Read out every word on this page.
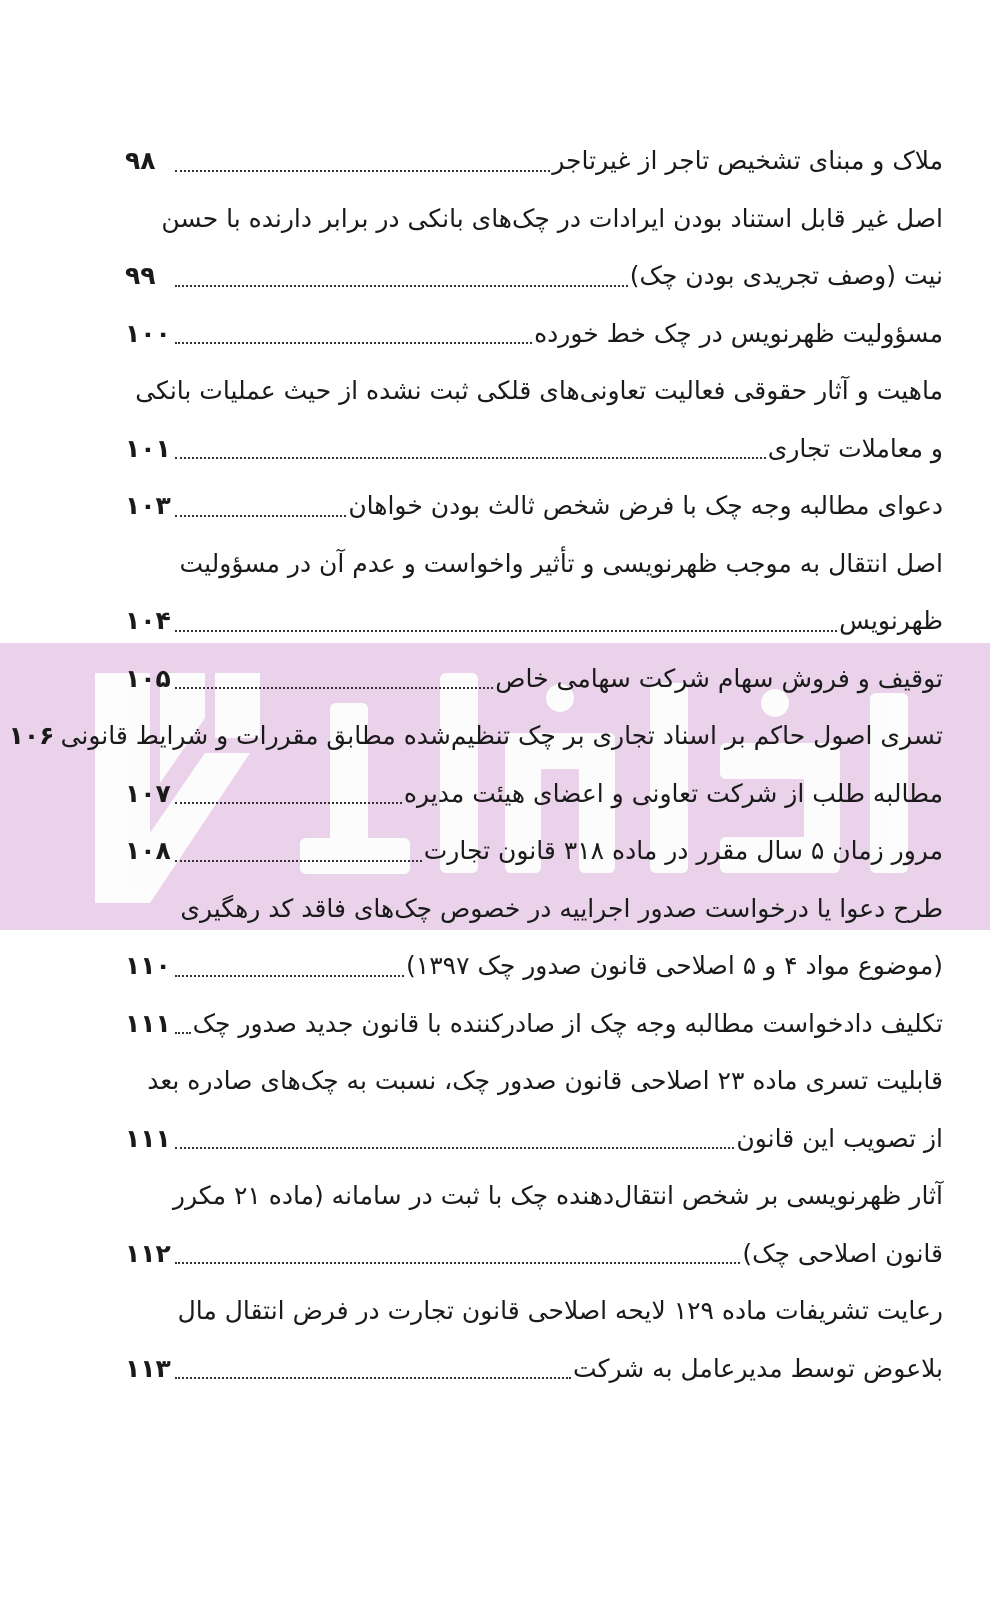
ملاک و مبنای تشخیص تاجر از غیرتاجر
۹۸
اصل غیر قابل استناد بودن ایرادات در چک‌های بانکی در برابر دارنده با حسن
نیت (وصف تجریدی بودن چک)
۹۹
مسؤولیت ظهرنویس در چک خط خورده
۱۰۰
ماهیت و آثار حقوقی فعالیت تعاونی‌های قلکی ثبت نشده از حیث عملیات بانکی
و معاملات تجاری
۱۰۱
دعوای مطالبه وجه چک با فرض شخص ثالث بودن خواهان
۱۰۳
اصل انتقال به موجب ظهرنویسی و تأثیر واخواست و عدم آن در مسؤولیت
ظهرنویس
۱۰۴
توقیف و فروش سهام شرکت سهامی خاص
۱۰۵
تسری اصول حاکم بر اسناد تجاری بر چک تنظیم‌شده مطابق مقررات و شرایط قانونی
۱۰۶
مطالبه طلب از شرکت تعاونی و اعضای هیئت مدیره
۱۰۷
مرور زمان ۵ سال مقرر در ماده ۳۱۸ قانون تجارت
۱۰۸
طرح دعوا یا درخواست صدور اجراییه در خصوص چک‌های فاقد کد رهگیری
(موضوع مواد ۴ و ۵ اصلاحی قانون صدور چک ۱۳۹۷)
۱۱۰
تکلیف دادخواست مطالبه وجه چک از صادرکننده با قانون جدید صدور چک
۱۱۱
قابلیت تسری ماده ۲۳ اصلاحی قانون صدور چک، نسبت به چک‌های صادره بعد
از تصویب این قانون
۱۱۱
آثار ظهرنویسی بر شخص انتقال‌دهنده چک با ثبت در سامانه (ماده ۲۱ مکرر
قانون اصلاحی چک)
۱۱۲
رعایت تشریفات ماده ۱۲۹ لایحه اصلاحی قانون تجارت در فرض انتقال مال
بلاعوض توسط مدیرعامل به شرکت
۱۱۳
